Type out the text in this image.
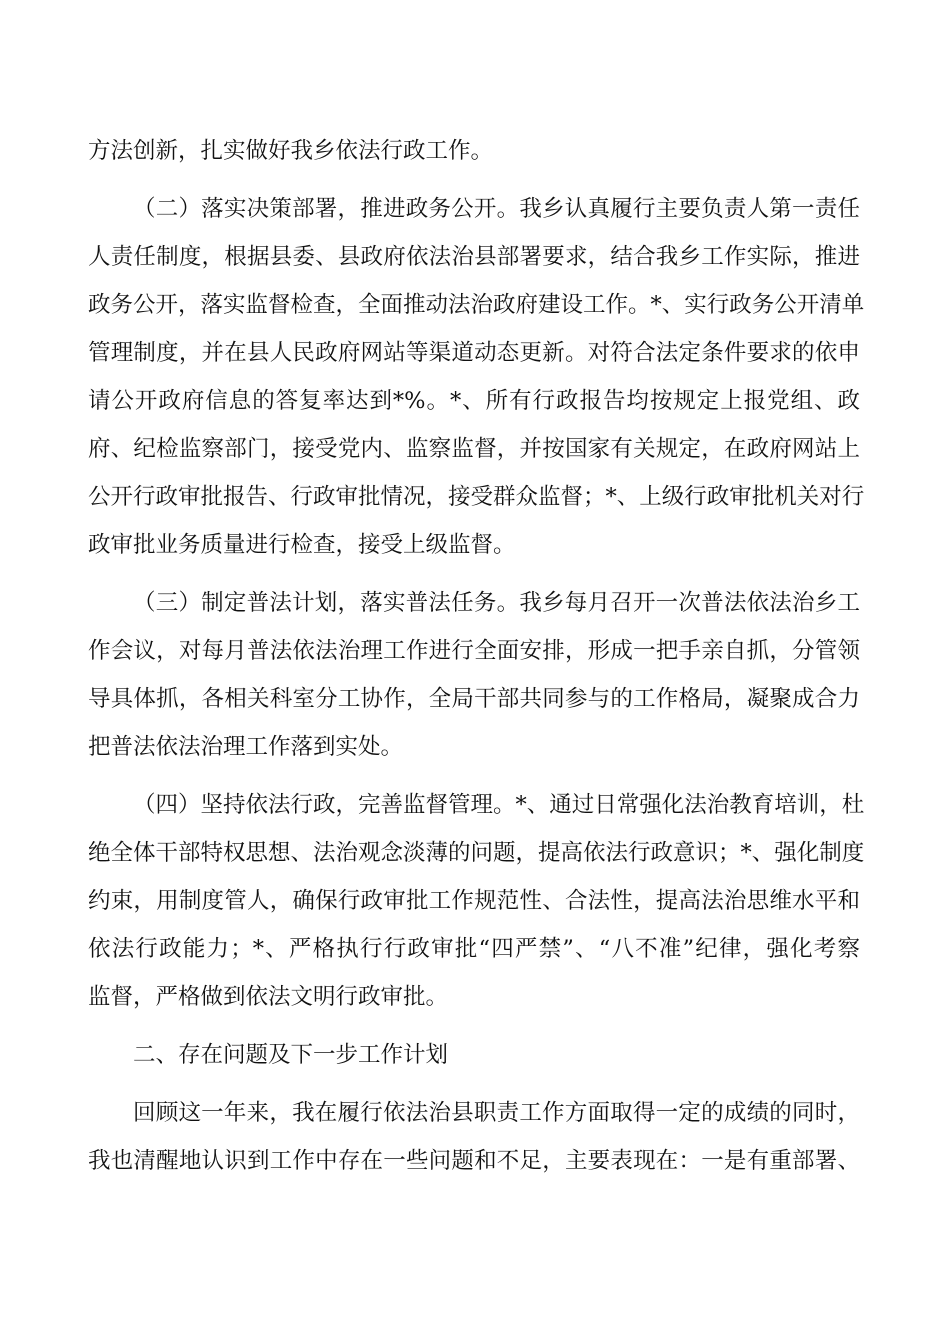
方法创新，扎实做好我乡依法行政工作。
（二）落实决策部署，推进政务公开。我乡认真履行主要负责人第一责任
人责任制度，根据县委、县政府依法治县部署要求，结合我乡工作实际，推进
政务公开，落实监督检查，全面推动法治政府建设工作。*、实行政务公开清单
管理制度，并在县人民政府网站等渠道动态更新。对符合法定条件要求的依申
请公开政府信息的答复率达到*%。*、所有行政报告均按规定上报党组、政
府、纪检监察部门，接受党内、监察监督，并按国家有关规定，在政府网站上
公开行政审批报告、行政审批情况，接受群众监督；*、上级行政审批机关对行
政审批业务质量进行检查，接受上级监督。
（三）制定普法计划，落实普法任务。我乡每月召开一次普法依法治乡工
作会议，对每月普法依法治理工作进行全面安排，形成一把手亲自抓，分管领
导具体抓，各相关科室分工协作，全局干部共同参与的工作格局，凝聚成合力
把普法依法治理工作落到实处。
（四）坚持依法行政，完善监督管理。*、通过日常强化法治教育培训，杜
绝全体干部特权思想、法治观念淡薄的问题，提高依法行政意识；*、强化制度
约束，用制度管人，确保行政审批工作规范性、合法性，提高法治思维水平和
依法行政能力；*、严格执行行政审批“四严禁”、“八不准”纪律，强化考察
监督，严格做到依法文明行政审批。
二、存在问题及下一步工作计划
回顾这一年来，我在履行依法治县职责工作方面取得一定的成绩的同时，
我也清醒地认识到工作中存在一些问题和不足，主要表现在：一是有重部署、
